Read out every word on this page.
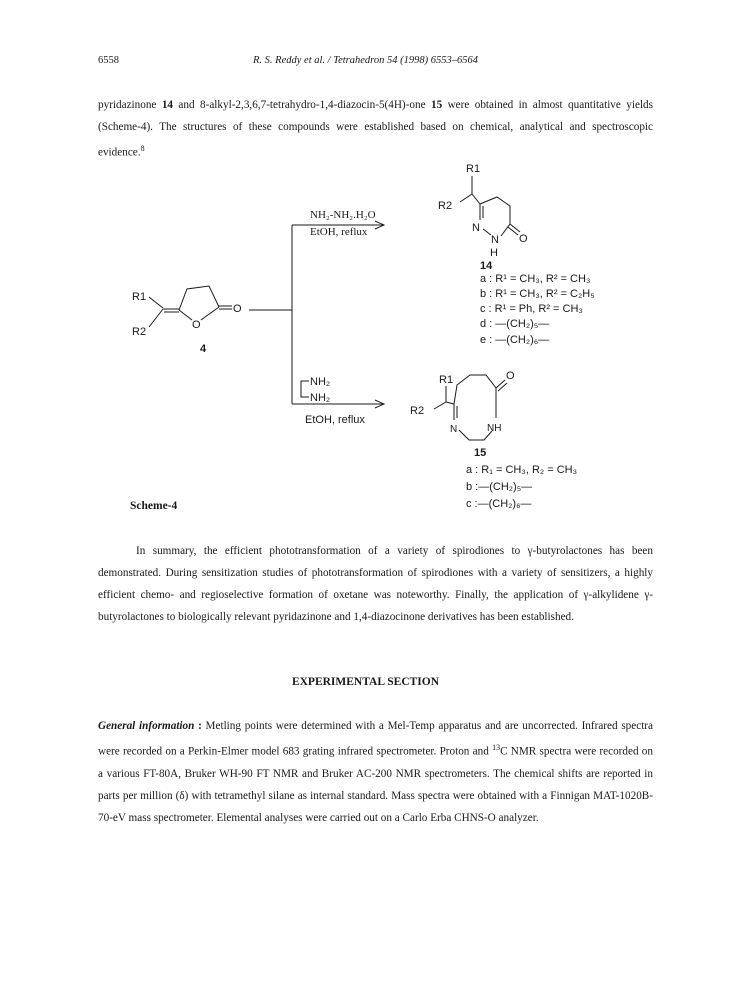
6558	R. S. Reddy et al. / Tetrahedron 54 (1998) 6553–6564

pyridazinone 14 and 8-alkyl-2,3,6,7-tetrahydro-1,4-diazocin-5(4H)-one 15 were obtained in almost quantitative yields (Scheme-4). The structures of these compounds were established based on chemical, analytical and spectroscopic evidence.$^8$

R1
R2
O
O
4
NH₂-NH₂.H₂O
EtOH, reflux
NH₂
NH₂
EtOH, reflux
R1
R2
N
N
H
O
14
a : R¹ = CH₃, R² = CH₃
b : R¹ = CH₃, R² = C₂H₅
c : R¹ = Ph, R² = CH₃
d : —(CH₂)₅—
e : —(CH₂)₆—
R1
R2
N	NH
O
15
a : R₁ = CH₃, R₂ = CH₃
b :—(CH₂)₅—
c :—(CH₂)₆—
Scheme-4

In summary, the efficient phototransformation of a variety of spirodiones to γ-butyrolactones has been demonstrated. During sensitization studies of phototransformation of spirodiones with a variety of sensitizers, a highly efficient chemo- and regioselective formation of oxetane was noteworthy. Finally, the application of γ-alkylidene γ-butyrolactones to biologically relevant pyridazinone and 1,4-diazocinone derivatives has been established.

EXPERIMENTAL SECTION

General information : Metling points were determined with a Mel-Temp apparatus and are uncorrected. Infrared spectra were recorded on a Perkin-Elmer model 683 grating infrared spectrometer. Proton and $^{13}$C NMR spectra were recorded on a various FT-80A, Bruker WH-90 FT NMR and Bruker AC-200 NMR spectrometers. The chemical shifts are reported in parts per million (δ) with tetramethyl silane as internal standard. Mass spectra were obtained with a Finnigan MAT-1020B-70-eV mass spectrometer. Elemental analyses were carried out on a Carlo Erba CHNS-O analyzer.
